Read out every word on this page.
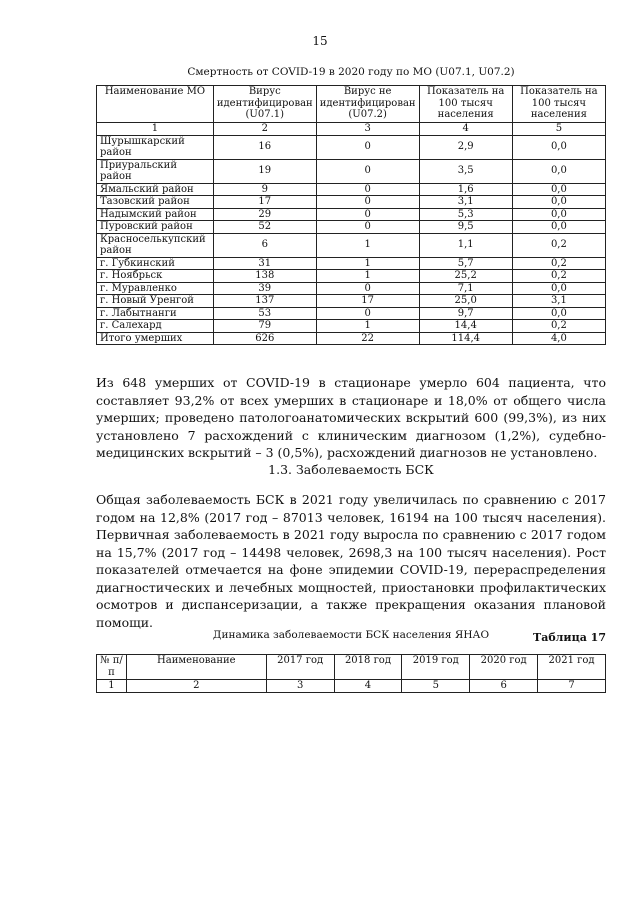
15
Смертность от COVID-19 в 2020 году по МО (U07.1, U07.2)
Наименование МО	Вирус идентифицирован (U07.1)	Вирус не идентифицирован (U07.2)	Показатель на 100 тысяч населения	Показатель на 100 тысяч населения
1	2	3	4	5
Шурышкарский район	16	0	2,9	0,0
Приуральский район	19	0	3,5	0,0
Ямальский район	9	0	1,6	0,0
Тазовский район	17	0	3,1	0,0
Надымский район	29	0	5,3	0,0
Пуровский район	52	0	9,5	0,0
Красноселькупский район	6	1	1,1	0,2
г. Губкинский	31	1	5,7	0,2
г. Ноябрьск	138	1	25,2	0,2
г. Муравленко	39	0	7,1	0,0
г. Новый Уренгой	137	17	25,0	3,1
г. Лабытнанги	53	0	9,7	0,0
г. Салехард	79	1	14,4	0,2
Итого умерших	626	22	114,4	4,0
Из 648 умерших от COVID-19 в стационаре умерло 604 пациента, что составляет 93,2% от всех умерших в стационаре и 18,0% от общего числа умерших; проведено патологоанатомических вскрытий 600 (99,3%), из них установлено 7 расхождений с клиническим диагнозом (1,2%), судебно-медицинских вскрытий – 3 (0,5%), расхождений диагнозов не установлено.
1.3. Заболеваемость БСК
Общая заболеваемость БСК в 2021 году увеличилась по сравнению с 2017 годом на 12,8% (2017 год – 87013 человек, 16194 на 100 тысяч населения). Первичная заболеваемость в 2021 году выросла по сравнению с 2017 годом на 15,7% (2017 год – 14498 человек, 2698,3 на 100 тысяч населения). Рост показателей отмечается на фоне эпидемии COVID-19, перераспределения диагностических и лечебных мощностей, приостановки профилактических осмотров и диспансеризации, а также прекращения оказания плановой помощи.
Таблица 17
Динамика заболеваемости БСК населения ЯНАО
№ п/п	Наименование	2017 год	2018 год	2019 год	2020 год	2021 год
1	2	3	4	5	6	7
